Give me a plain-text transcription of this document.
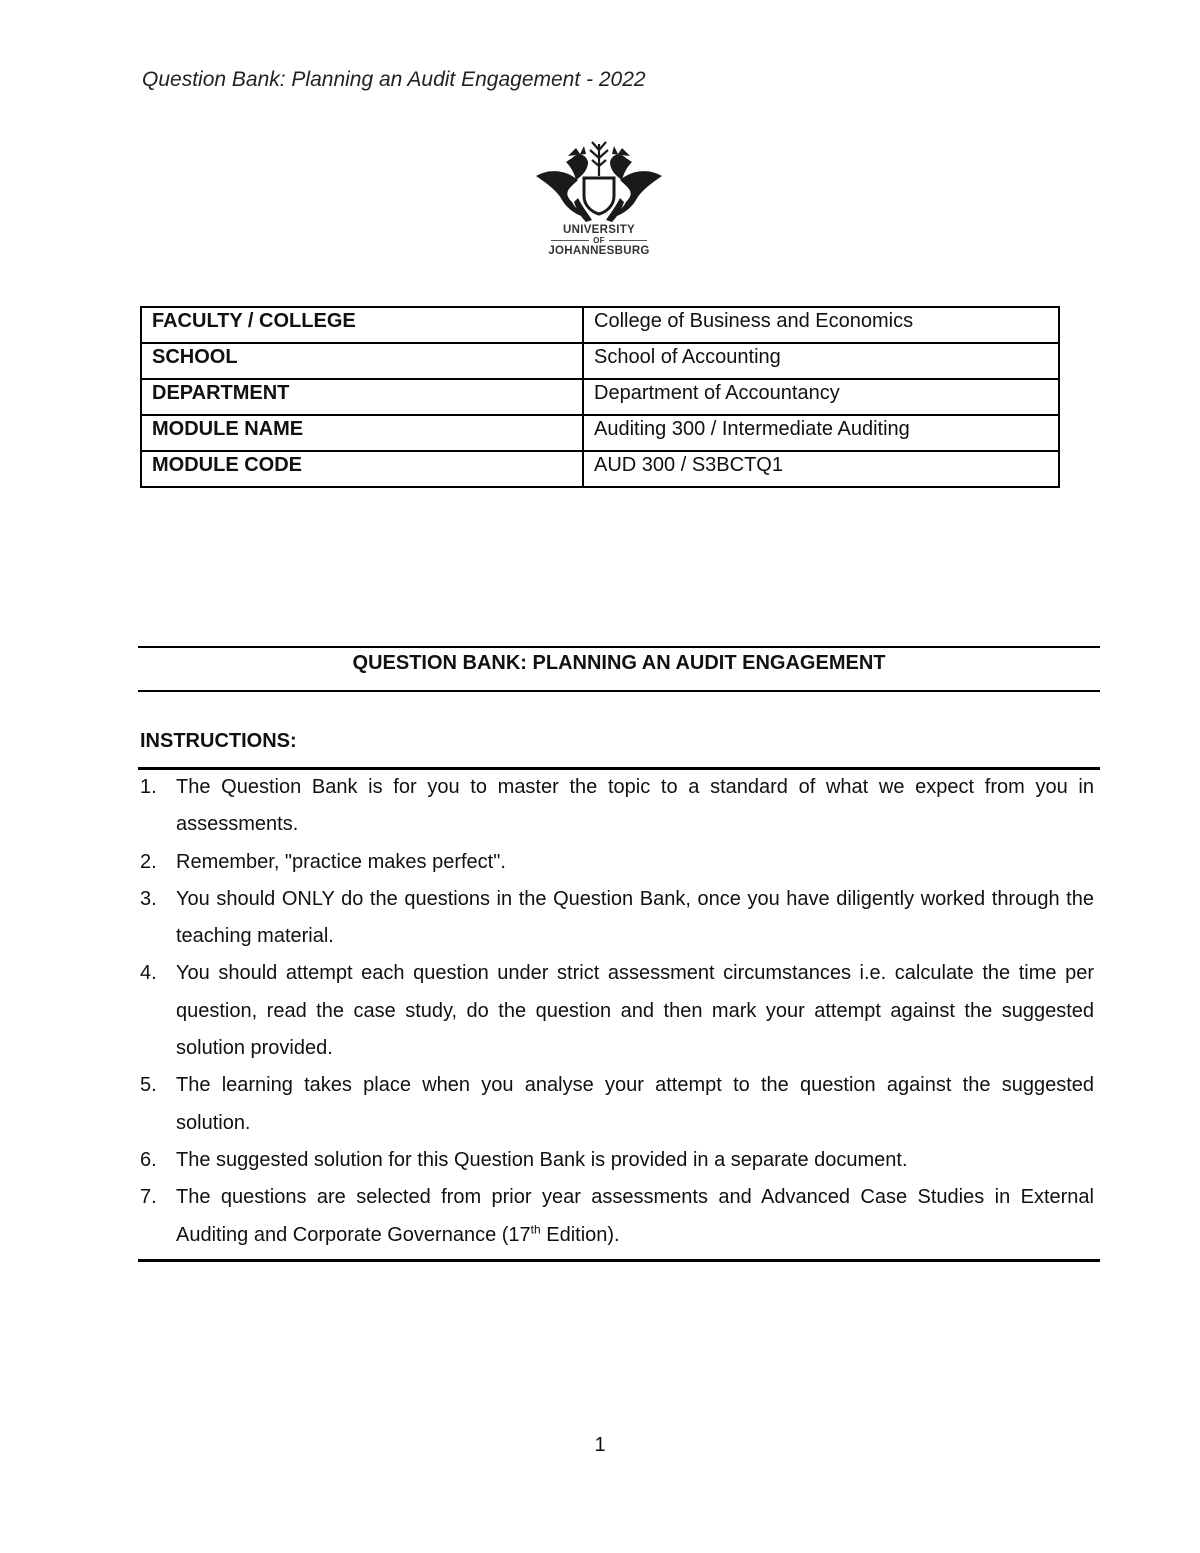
Question Bank: Planning an Audit Engagement - 2022
UNIVERSITY
OF
JOHANNESBURG
FACULTY / COLLEGE	College of Business and Economics
SCHOOL	School of Accounting
DEPARTMENT	Department of Accountancy
MODULE NAME	Auditing 300 / Intermediate Auditing
MODULE CODE	AUD 300 / S3BCTQ1
QUESTION BANK: PLANNING AN AUDIT ENGAGEMENT
INSTRUCTIONS:
1. The Question Bank is for you to master the topic to a standard of what we expect from you in assessments.
2. Remember, "practice makes perfect".
3. You should ONLY do the questions in the Question Bank, once you have diligently worked through the teaching material.
4. You should attempt each question under strict assessment circumstances i.e. calculate the time per question, read the case study, do the question and then mark your attempt against the suggested solution provided.
5. The learning takes place when you analyse your attempt to the question against the suggested solution.
6. The suggested solution for this Question Bank is provided in a separate document.
7. The questions are selected from prior year assessments and Advanced Case Studies in External Auditing and Corporate Governance (17th Edition).
1
